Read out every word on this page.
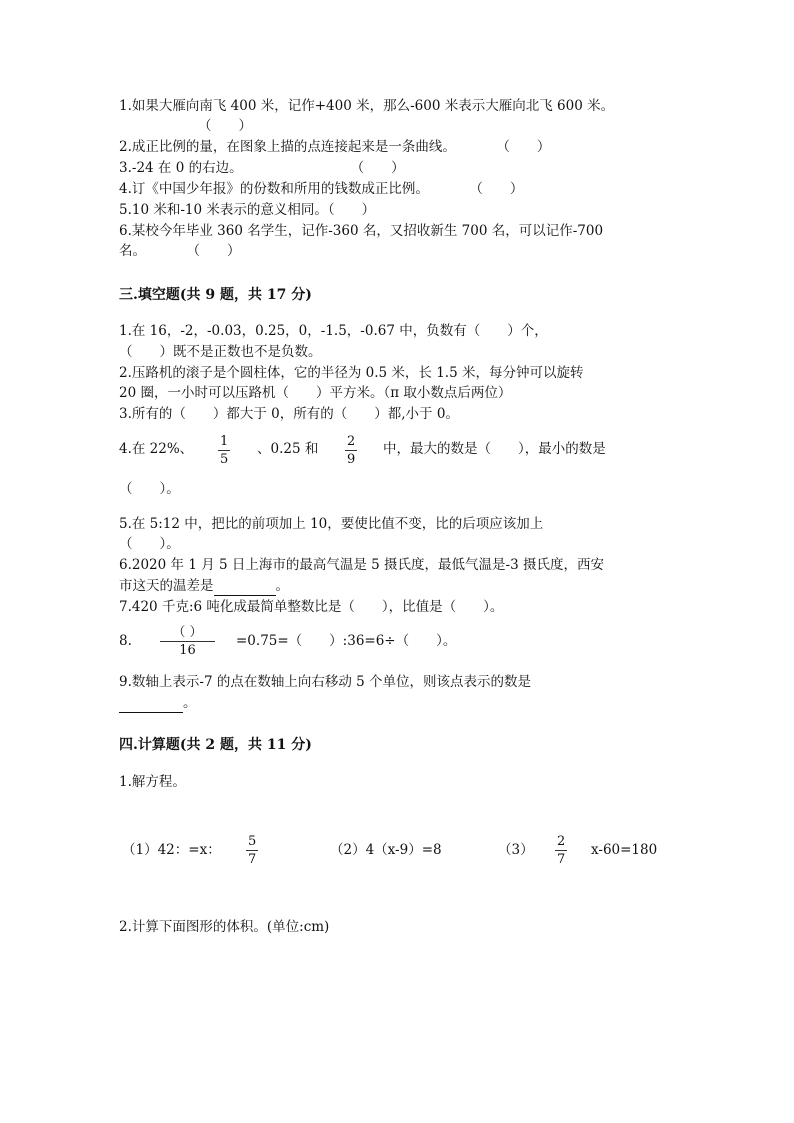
1.如果大雁向南飞 400 米，记作+400 米，那么-600 米表示大雁向北飞 600 米。
（　　）
2.成正比例的量，在图象上描的点连接起来是一条曲线。　　　　（　　）
3.-24 在 0 的右边。　　　　　　　　　（　　）
4.订《中国少年报》的份数和所用的钱数成正比例。　　　　（　　）
5.10 米和-10 米表示的意义相同。（　　）
6.某校今年毕业 360 名学生，记作-360 名，又招收新生 700 名，可以记作-700
名。　　　　（　　）
三.填空题(共 9 题，共 17 分)
1.在 16，-2，-0.03，0.25，0，-1.5，-0.67 中，负数有（　　）个，
（　　）既不是正数也不是负数。
2.压路机的滚子是个圆柱体，它的半径为 0.5 米，长 1.5 米，每分钟可以旋转
20 圈，一小时可以压路机（　　）平方米。（π 取小数点后两位）
3.所有的（　　）都大于 0，所有的（　　）都,小于 0。
4.在 22%、 1
5
、0.25 和 2
9
中，最大的数是（　　），最小的数是
（　　）。
5.在 5:12 中，把比的前项加上 10，要使比值不变，比的后项应该加上
（　　）。
6.2020 年 1 月 5 日上海市的最高气温是 5 摄氏度，最低气温是-3 摄氏度，西安
市这天的温差是	。
7.420 千克:6 吨化成最简单整数比是（　　），比值是（　　）。
8.
（ ）
16
=0.75=（　　）:36=6÷（　　）。
9.数轴上表示-7 的点在数轴上向右移动 5 个单位，则该点表示的数是
。
四.计算题(共 2 题，共 11 分)
1.解方程。
（1）42：=x：
5
7
（2）4（x-9）=8	（3）
2
7
x-60=180
2.计算下面图形的体积。(单位:cm)
